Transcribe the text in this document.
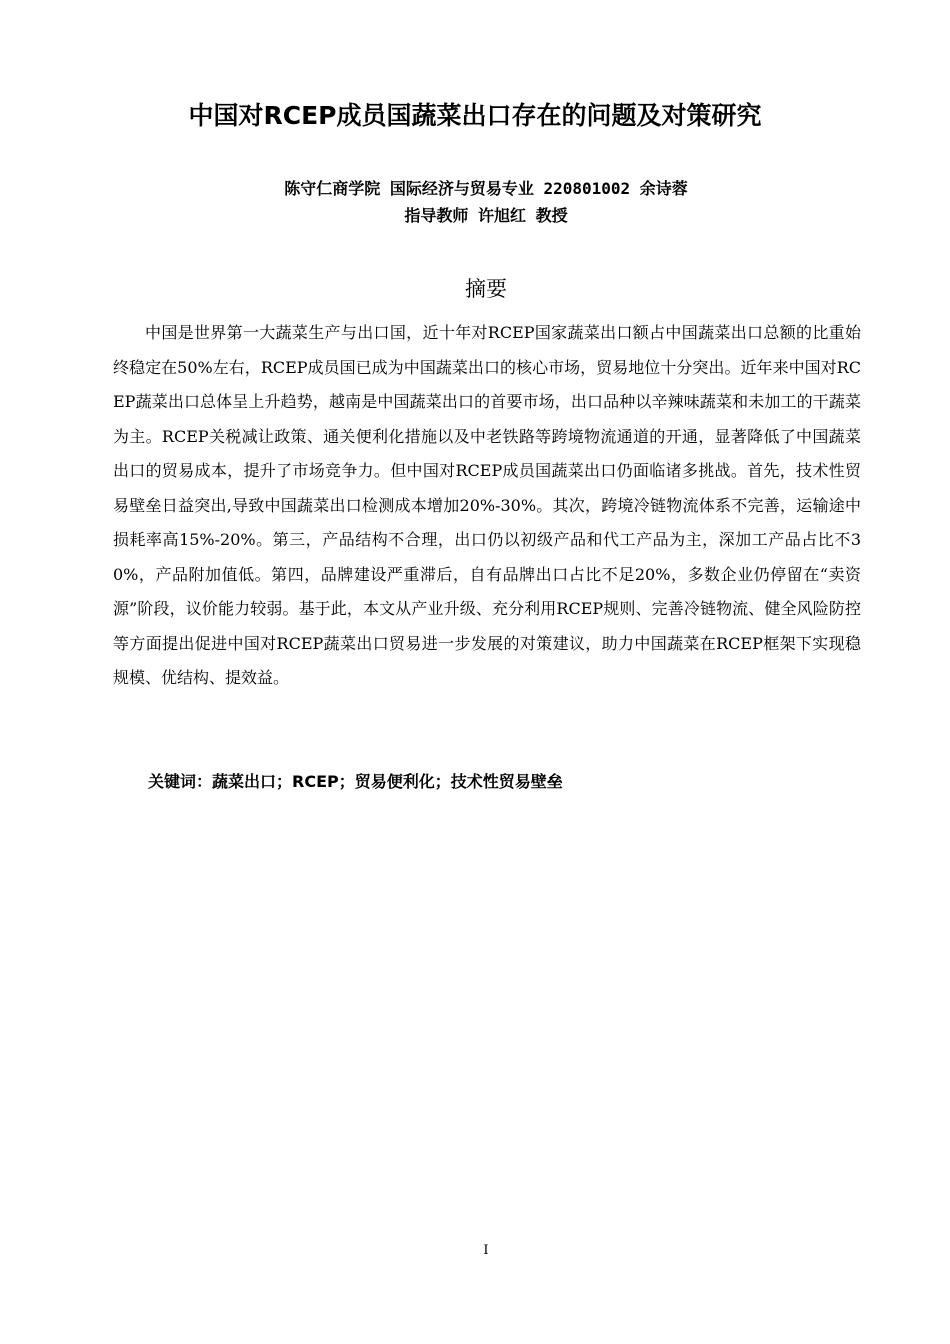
中国对RCEP成员国蔬菜出口存在的问题及对策研究
陈守仁商学院 国际经济与贸易专业 220801002 余诗蓉
指导教师 许旭红 教授
摘要
中国是世界第一大蔬菜生产与出口国，近十年对RCEP国家蔬菜出口额占中国蔬菜出口总额的比重始终稳定在50%左右，RCEP成员国已成为中国蔬菜出口的核心市场，贸易地位十分突出。近年来中国对RCEP蔬菜出口总体呈上升趋势，越南是中国蔬菜出口的首要市场，出口品种以辛辣味蔬菜和未加工的干蔬菜为主。RCEP关税减让政策、通关便利化措施以及中老铁路等跨境物流通道的开通，显著降低了中国蔬菜出口的贸易成本，提升了市场竞争力。但中国对RCEP成员国蔬菜出口仍面临诸多挑战。首先，技术性贸易壁垒日益突出,导致中国蔬菜出口检测成本增加20%-30%。其次，跨境冷链物流体系不完善，运输途中损耗率高15%-20%。第三，产品结构不合理，出口仍以初级产品和代工产品为主，深加工产品占比不30%，产品附加值低。第四，品牌建设严重滞后，自有品牌出口占比不足20%，多数企业仍停留在“卖资源”阶段，议价能力较弱。基于此，本文从产业升级、充分利用RCEP规则、完善冷链物流、健全风险防控等方面提出促进中国对RCEP蔬菜出口贸易进一步发展的对策建议，助力中国蔬菜在RCEP框架下实现稳规模、优结构、提效益。
关键词：蔬菜出口；RCEP；贸易便利化；技术性贸易壁垒
I
